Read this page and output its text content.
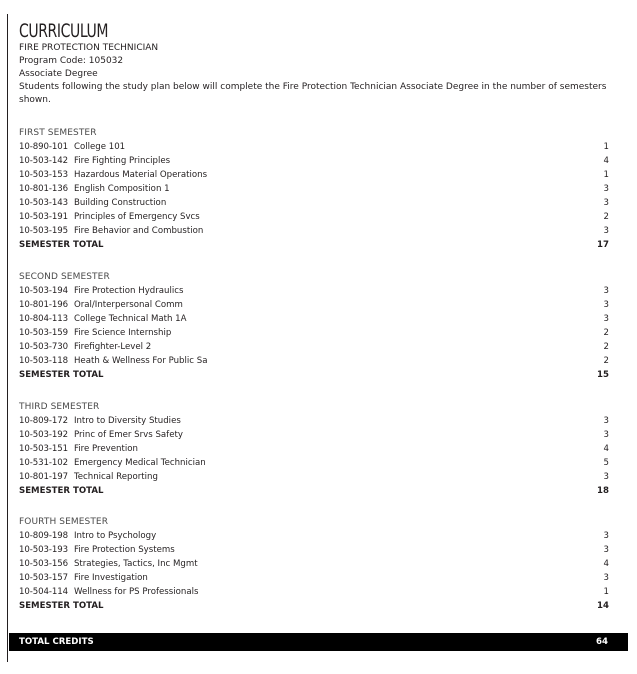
CURRICULUM
FIRE PROTECTION TECHNICIAN
Program Code: 105032
Associate Degree
Students following the study plan below will complete the Fire Protection Technician Associate Degree in the number of semesters shown.
FIRST SEMESTER
10-890-101 College 101	1
10-503-142 Fire Fighting Principles	4
10-503-153 Hazardous Material Operations	1
10-801-136 English Composition 1	3
10-503-143 Building Construction	3
10-503-191 Principles of Emergency Svcs	2
10-503-195 Fire Behavior and Combustion	3
SEMESTER TOTAL	17
SECOND SEMESTER
10-503-194 Fire Protection Hydraulics	3
10-801-196 Oral/Interpersonal Comm	3
10-804-113 College Technical Math 1A	3
10-503-159 Fire Science Internship	2
10-503-730 Firefighter-Level 2	2
10-503-118 Heath & Wellness For Public Sa	2
SEMESTER TOTAL	15
THIRD SEMESTER
10-809-172 Intro to Diversity Studies	3
10-503-192 Princ of Emer Srvs Safety	3
10-503-151 Fire Prevention	4
10-531-102 Emergency Medical Technician	5
10-801-197 Technical Reporting	3
SEMESTER TOTAL	18
FOURTH SEMESTER
10-809-198 Intro to Psychology	3
10-503-193 Fire Protection Systems	3
10-503-156 Strategies, Tactics, Inc Mgmt	4
10-503-157 Fire Investigation	3
10-504-114 Wellness for PS Professionals	1
SEMESTER TOTAL	14
TOTAL CREDITS	64
